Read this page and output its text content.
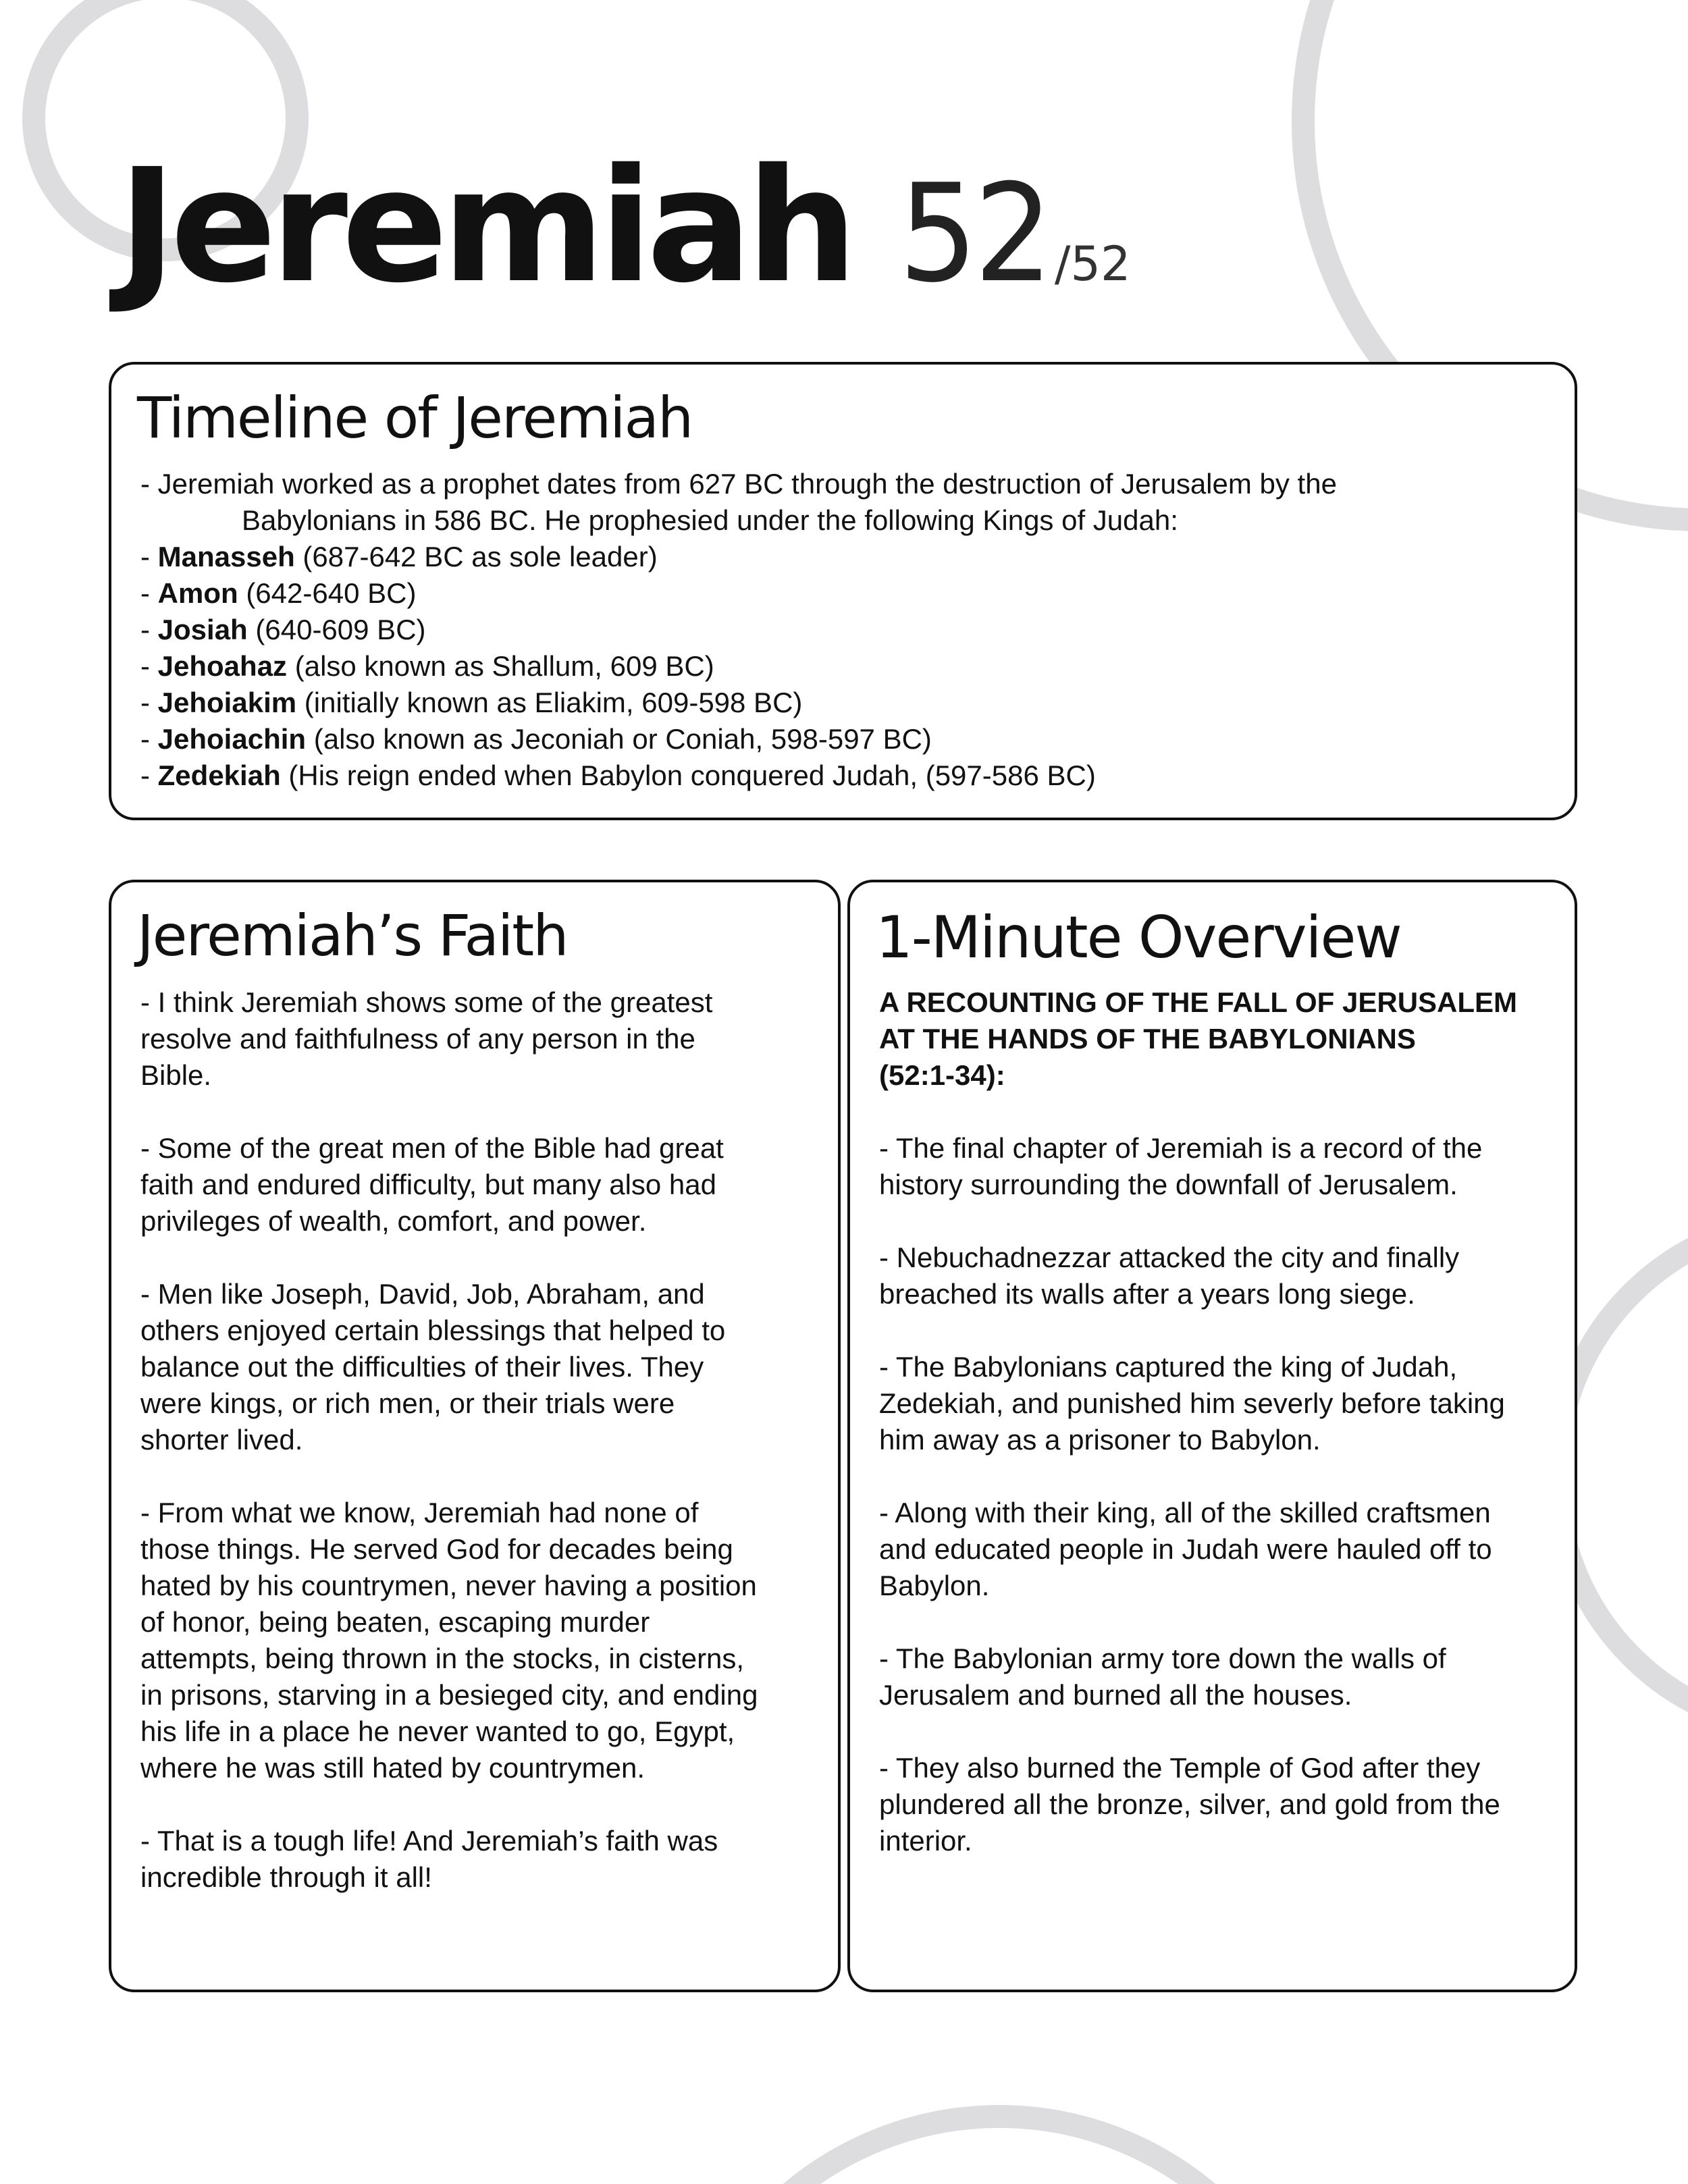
Jeremiah 52 /52
Timeline of Jeremiah

- Jeremiah worked as a prophet dates from 627 BC through the destruction of Jerusalem by the

Babylonians in 586 BC. He prophesied under the following Kings of Judah:

- Manasseh (687-642 BC as sole leader)

- Amon (642-640 BC)

- Josiah (640-609 BC)

- Jehoahaz (also known as Shallum, 609 BC)

- Jehoiakim (initially known as Eliakim, 609-598 BC)

- Jehoiachin (also known as Jeconiah or Coniah, 598-597 BC)

- Zedekiah (His reign ended when Babylon conquered Judah, (597-586 BC)

Jeremiah’s Faith

- I think Jeremiah shows some of the greatest

resolve and faithfulness of any person in the

Bible.

- Some of the great men of the Bible had great

faith and endured difficulty, but many also had

privileges of wealth, comfort, and power.

- Men like Joseph, David, Job, Abraham, and

others enjoyed certain blessings that helped to

balance out the difficulties of their lives. They

were kings, or rich men, or their trials were

shorter lived.

- From what we know, Jeremiah had none of

those things. He served God for decades being

hated by his countrymen, never having a position

of honor, being beaten, escaping murder

attempts, being thrown in the stocks, in cisterns,

in prisons, starving in a besieged city, and ending

his life in a place he never wanted to go, Egypt,

where he was still hated by countrymen.

- That is a tough life! And Jeremiah’s faith was

incredible through it all!

1-Minute Overview

A RECOUNTING OF THE FALL OF JERUSALEM

AT THE HANDS OF THE BABYLONIANS

(52:1-34):

- The final chapter of Jeremiah is a record of the

history surrounding the downfall of Jerusalem.

- Nebuchadnezzar attacked the city and finally

breached its walls after a years long siege.

- The Babylonians captured the king of Judah,

Zedekiah, and punished him severly before taking

him away as a prisoner to Babylon.

- Along with their king, all of the skilled craftsmen

and educated people in Judah were hauled off to

Babylon.

- The Babylonian army tore down the walls of

Jerusalem and burned all the houses.

- They also burned the Temple of God after they

plundered all the bronze, silver, and gold from the

interior.
